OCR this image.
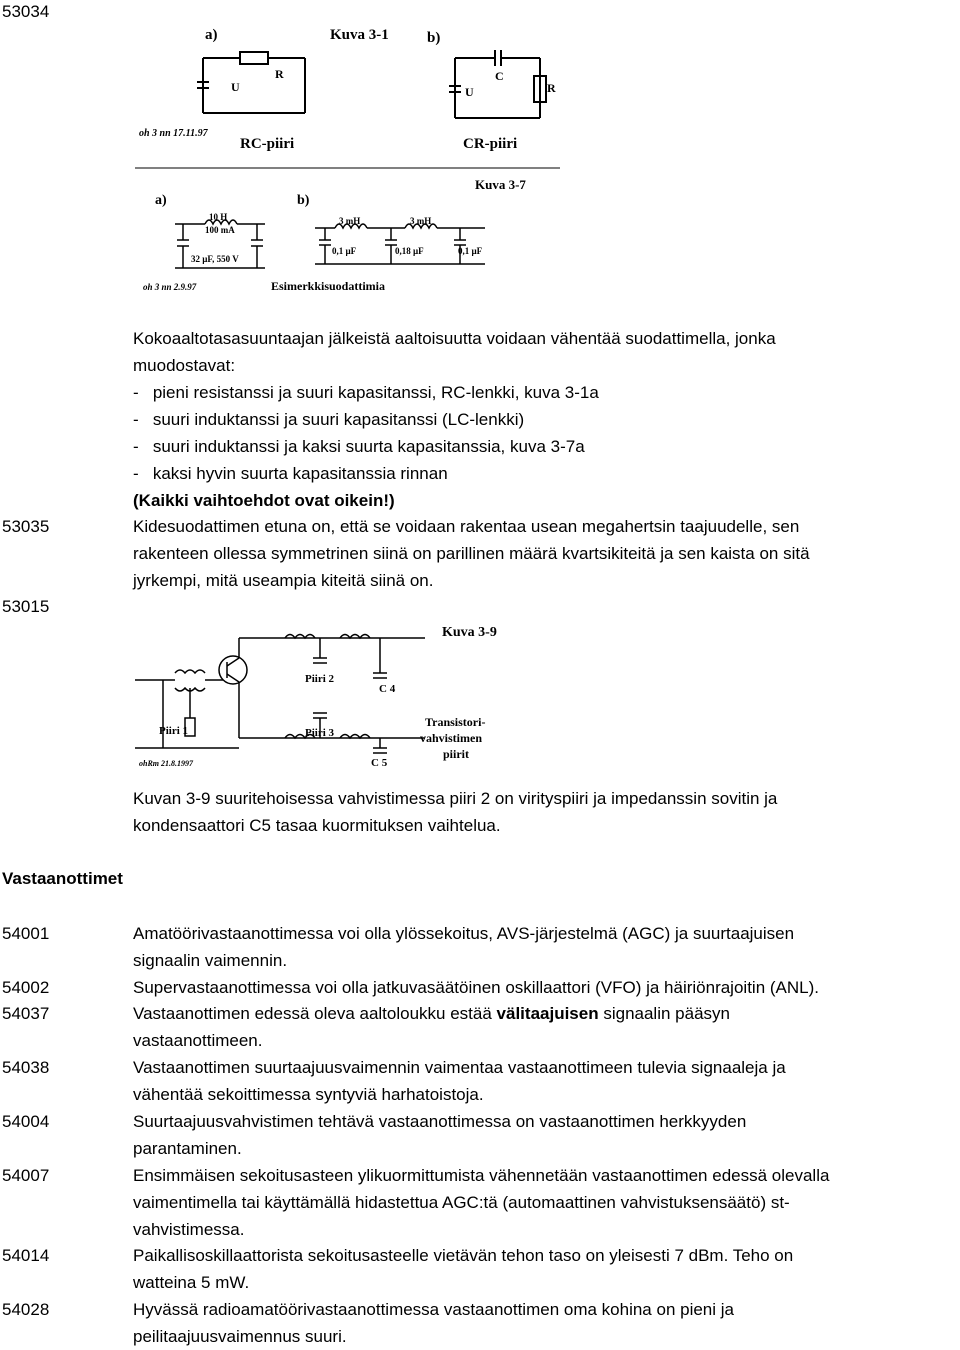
53034
a)	Kuva 3-1	b)
R
U
C
R
U
oh 3 nn 17.11.97
RC-piiri	CR-piiri
Kuva 3-7
a)
10 H
100 mA
32 µF, 550 V
b)
3 mH	3 mH
0,1 µF	0,18 µF	0,1 µF
oh 3 nn 2.9.97	Esimerkkisuodattimia
Kokoaaltotasasuuntaajan jälkeistä aaltoisuutta voidaan vähentää suodattimella, jonka
muodostavat:
-   pieni resistanssi ja suuri kapasitanssi, RC-lenkki, kuva 3-1a
-   suuri induktanssi ja suuri kapasitanssi (LC-lenkki)
-   suuri induktanssi ja kaksi suurta kapasitanssia, kuva 3-7a
-   kaksi hyvin suurta kapasitanssia rinnan
(Kaikki vaihtoehdot ovat oikein!)
53035	Kidesuodattimen etuna on, että se voidaan rakentaa usean megahertsin taajuudelle, sen
rakenteen ollessa symmetrinen siinä on parillinen määrä kvartsikiteitä ja sen kaista on sitä
jyrkempi, mitä useampia kiteitä siinä on.
53015
Kuva 3-9
Piiri 1
Piiri 2
Piiri 3
C 4
C 5
Transistori-
vahvistimen
piirit
ohRm 21.8.1997
Kuvan 3-9 suuritehoisessa vahvistimessa piiri 2 on virityspiiri ja impedanssin sovitin ja
kondensaattori C5 tasaa kuormituksen vaihtelua.
Vastaanottimet
54001	Amatöörivastaanottimessa voi olla ylössekoitus, AVS-järjestelmä (AGC) ja suurtaajuisen
signaalin vaimennin.
54002	Supervastaanottimessa voi olla jatkuvasäätöinen oskillaattori (VFO) ja häiriönrajoitin (ANL).
54037	Vastaanottimen edessä oleva aaltoloukku estää välitaajuisen signaalin pääsyn
vastaanottimeen.
54038	Vastaanottimen suurtaajuusvaimennin vaimentaa vastaanottimeen tulevia signaaleja ja
vähentää sekoittimessa syntyviä harhatoistoja.
54004	Suurtaajuusvahvistimen tehtävä vastaanottimessa on vastaanottimen herkkyyden
parantaminen.
54007	Ensimmäisen sekoitusasteen ylikuormittumista vähennetään vastaanottimen edessä olevalla
vaimentimella tai käyttämällä hidastettua AGC:tä (automaattinen vahvistuksensäätö) st-
vahvistimessa.
54014	Paikallisoskillaattorista sekoitusasteelle vietävän tehon taso on yleisesti 7 dBm. Teho on
watteina 5 mW.
54028	Hyvässä radioamatöörivastaanottimessa vastaanottimen oma kohina on pieni ja
peilitaajuusvaimennus suuri.
